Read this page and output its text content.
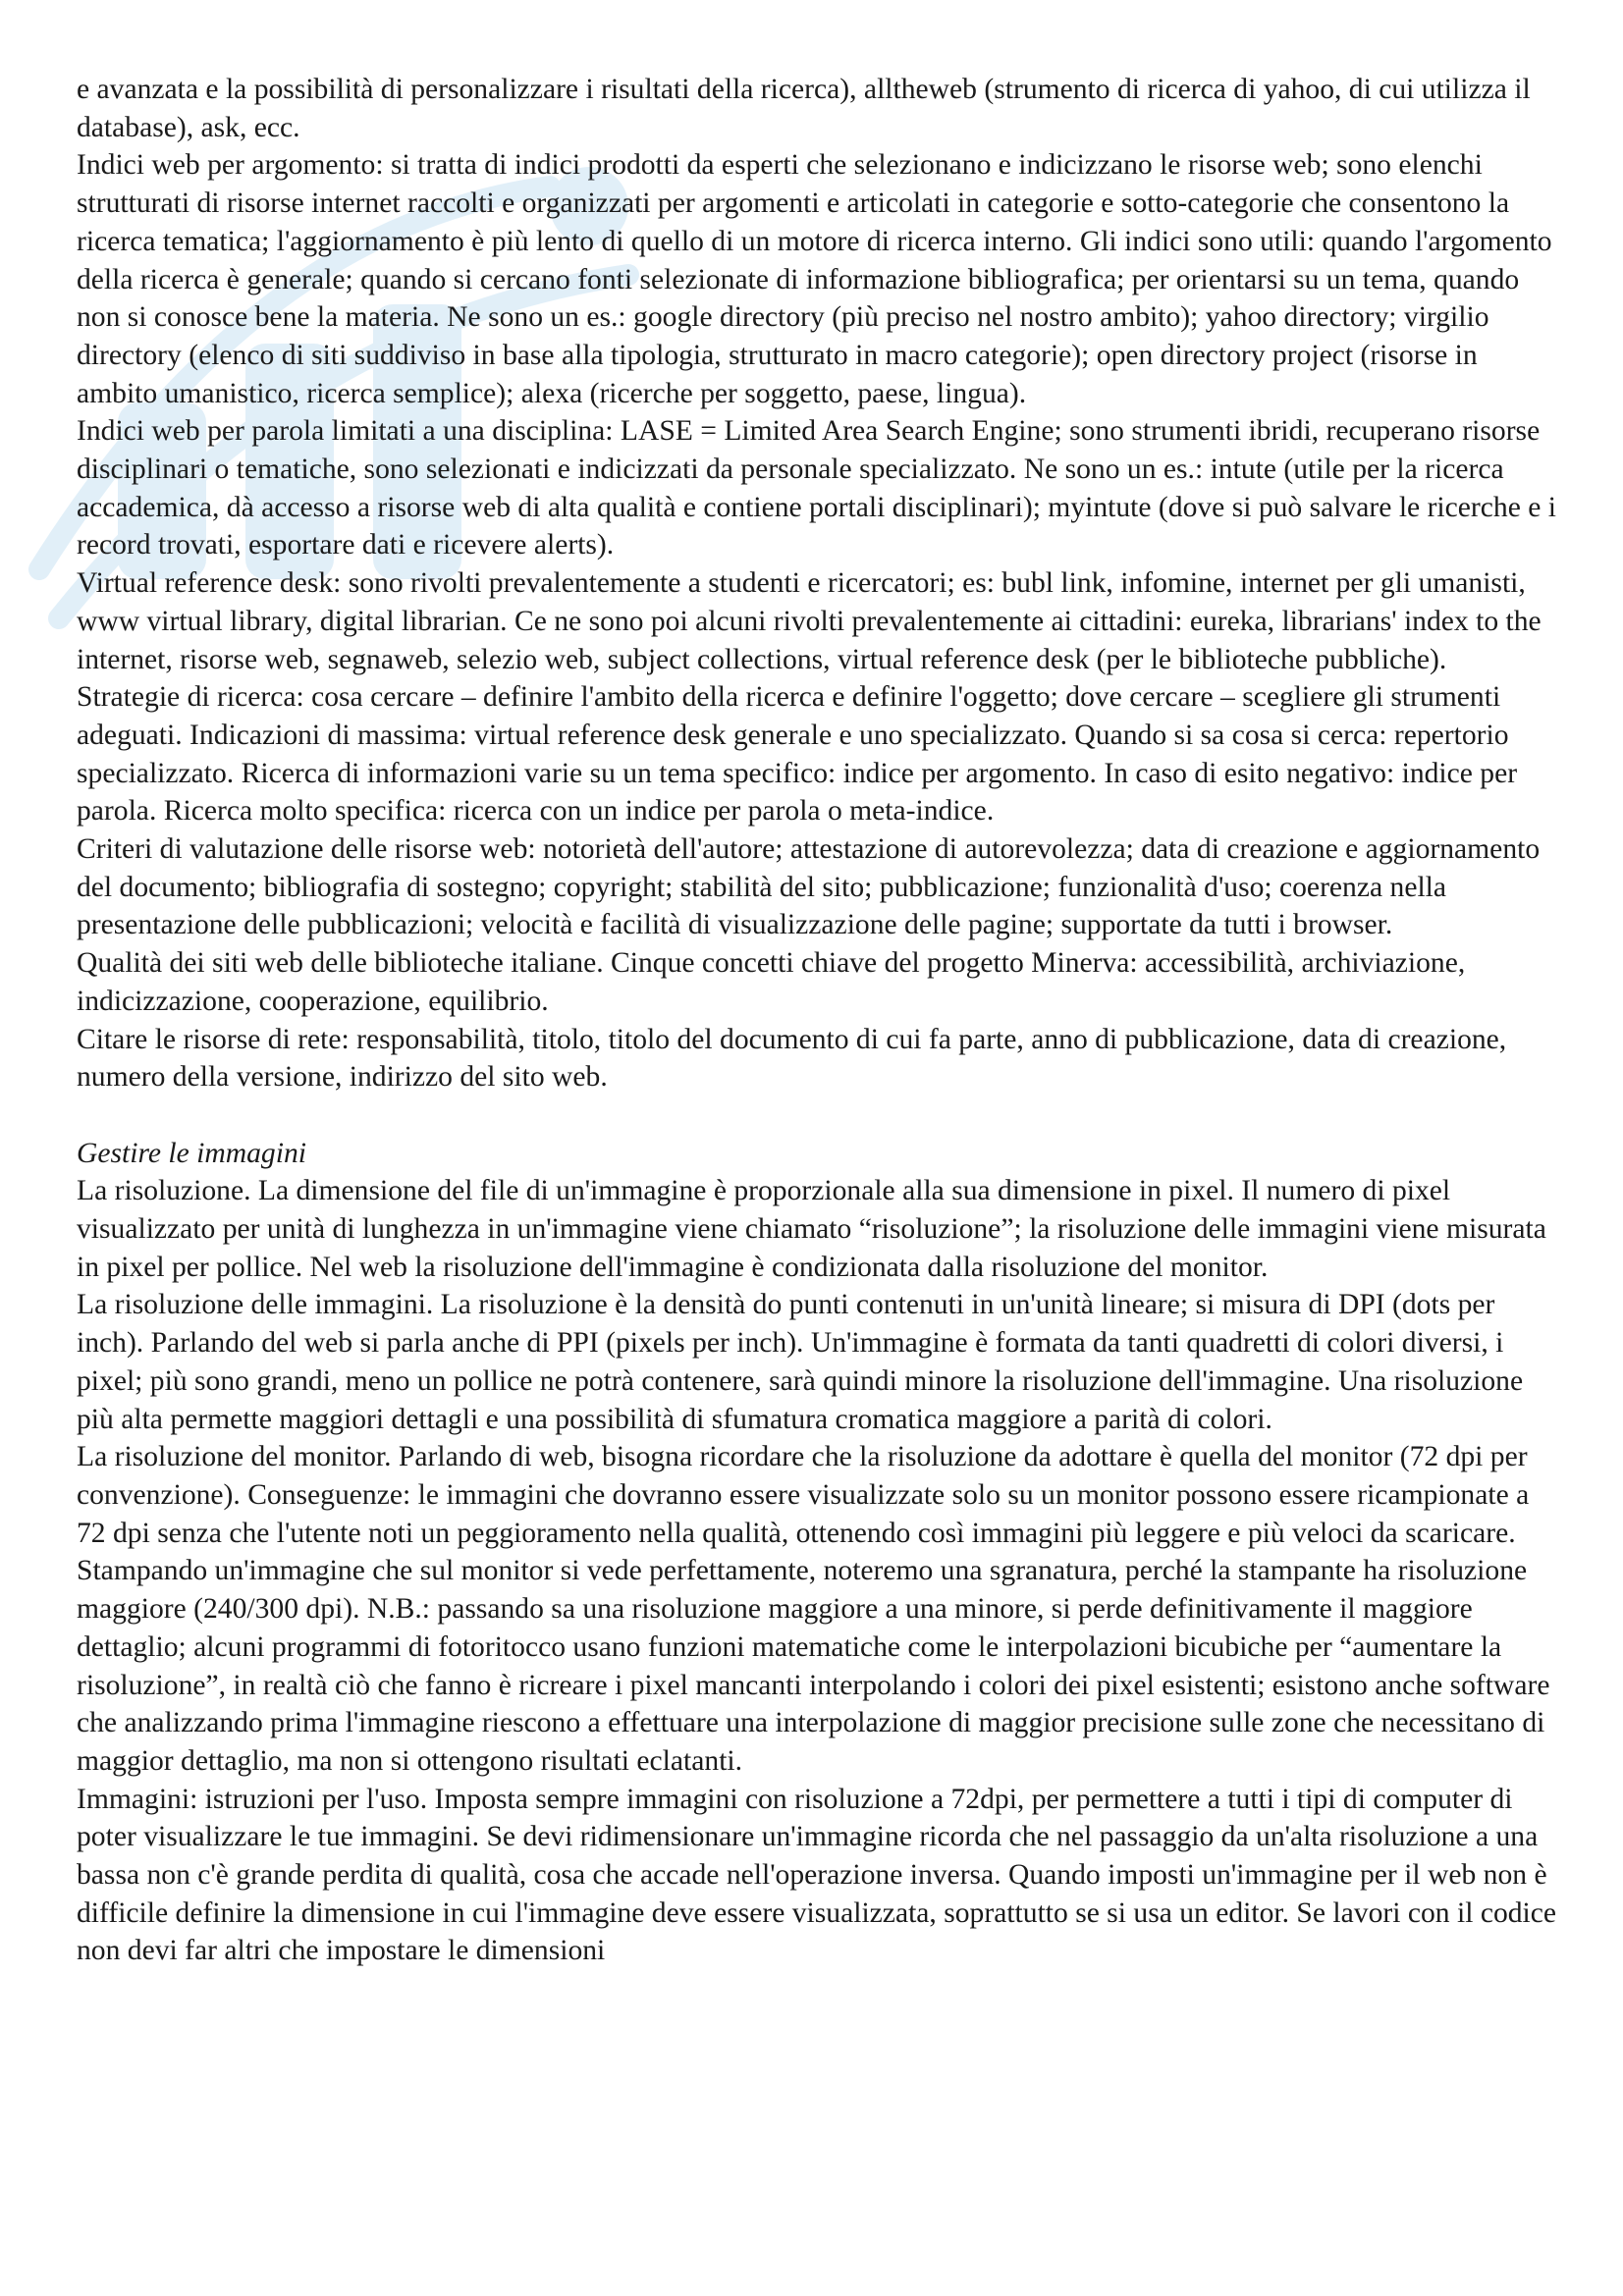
e avanzata e la possibilità di personalizzare i risultati della ricerca), alltheweb (strumento di ricerca di yahoo, di cui utilizza il database), ask, ecc.

Indici web per argomento: si tratta di indici prodotti da esperti che selezionano e indicizzano le risorse web; sono elenchi strutturati di risorse internet raccolti e organizzati per argomenti e articolati in categorie e sotto-categorie che consentono la ricerca tematica; l'aggiornamento è più lento di quello di un motore di ricerca interno. Gli indici sono utili: quando l'argomento della ricerca è generale; quando si cercano fonti selezionate di informazione bibliografica; per orientarsi su un tema, quando non si conosce bene la materia. Ne sono un es.: google directory (più preciso nel nostro ambito); yahoo directory; virgilio directory (elenco di siti suddiviso in base alla tipologia, strutturato in macro categorie); open directory project (risorse in ambito umanistico, ricerca semplice); alexa (ricerche per soggetto, paese, lingua).

Indici web per parola limitati a una disciplina: LASE = Limited Area Search Engine; sono strumenti ibridi, recuperano risorse disciplinari o tematiche, sono selezionati e indicizzati da personale specializzato. Ne sono un es.: intute (utile per la ricerca accademica, dà accesso a risorse web di alta qualità e contiene portali disciplinari); myintute (dove si può salvare le ricerche e i record trovati, esportare dati e ricevere alerts).

Virtual reference desk: sono rivolti prevalentemente a studenti e ricercatori; es: bubl link, infomine, internet per gli umanisti, www virtual library, digital librarian. Ce ne sono poi alcuni rivolti prevalentemente ai cittadini: eureka, librarians' index to the internet, risorse web, segnaweb, selezio web, subject collections, virtual reference desk (per le biblioteche pubbliche).

Strategie di ricerca: cosa cercare – definire l'ambito della ricerca e definire l'oggetto; dove cercare – scegliere gli strumenti adeguati. Indicazioni di massima: virtual reference desk generale e uno specializzato. Quando si sa cosa si cerca: repertorio specializzato. Ricerca di informazioni varie su un tema specifico: indice per argomento. In caso di esito negativo: indice per parola. Ricerca molto specifica: ricerca con un indice per parola o meta-indice.

Criteri di valutazione delle risorse web: notorietà dell'autore; attestazione di autorevolezza; data di creazione e aggiornamento del documento; bibliografia di sostegno; copyright; stabilità del sito; pubblicazione; funzionalità d'uso; coerenza nella presentazione delle pubblicazioni; velocità e facilità di visualizzazione delle pagine; supportate da tutti i browser.

Qualità dei siti web delle biblioteche italiane. Cinque concetti chiave del progetto Minerva: accessibilità, archiviazione, indicizzazione, cooperazione, equilibrio.

Citare le risorse di rete: responsabilità, titolo, titolo del documento di cui fa parte, anno di pubblicazione, data di creazione, numero della versione, indirizzo del sito web.

Gestire le immagini

La risoluzione. La dimensione del file di un'immagine è proporzionale alla sua dimensione in pixel. Il numero di pixel visualizzato per unità di lunghezza in un'immagine viene chiamato “risoluzione”; la risoluzione delle immagini viene misurata in pixel per pollice. Nel web la risoluzione dell'immagine è condizionata dalla risoluzione del monitor.

La risoluzione delle immagini. La risoluzione è la densità do punti contenuti in un'unità lineare; si misura di DPI (dots per inch). Parlando del web si parla anche di PPI (pixels per inch). Un'immagine è formata da tanti quadretti di colori diversi, i pixel; più sono grandi, meno un pollice ne potrà contenere, sarà quindi minore la risoluzione dell'immagine. Una risoluzione più alta permette maggiori dettagli e una possibilità di sfumatura cromatica maggiore a parità di colori.

La risoluzione del monitor. Parlando di web, bisogna ricordare che la risoluzione da adottare è quella del monitor (72 dpi per convenzione). Conseguenze: le immagini che dovranno essere visualizzate solo su un monitor possono essere ricampionate a 72 dpi senza che l'utente noti un peggioramento nella qualità, ottenendo così immagini più leggere e più veloci da scaricare. Stampando un'immagine che sul monitor si vede perfettamente, noteremo una sgranatura, perché la stampante ha risoluzione maggiore (240/300 dpi). N.B.: passando sa una risoluzione maggiore a una minore, si perde definitivamente il maggiore dettaglio; alcuni programmi di fotoritocco usano funzioni matematiche come le interpolazioni bicubiche per “aumentare la risoluzione”, in realtà ciò che fanno è ricreare i pixel mancanti interpolando i colori dei pixel esistenti; esistono anche software che analizzando prima l'immagine riescono a effettuare una interpolazione di maggior precisione sulle zone che necessitano di maggior dettaglio, ma non si ottengono risultati eclatanti.

Immagini: istruzioni per l'uso. Imposta sempre immagini con risoluzione a 72dpi, per permettere a tutti i tipi di computer di poter visualizzare le tue immagini. Se devi ridimensionare un'immagine ricorda che nel passaggio da un'alta risoluzione a una bassa non c'è grande perdita di qualità, cosa che accade nell'operazione inversa. Quando imposti un'immagine per il web non è difficile definire la dimensione in cui l'immagine deve essere visualizzata, soprattutto se si usa un editor. Se lavori con il codice non devi far altri che impostare le dimensioni
